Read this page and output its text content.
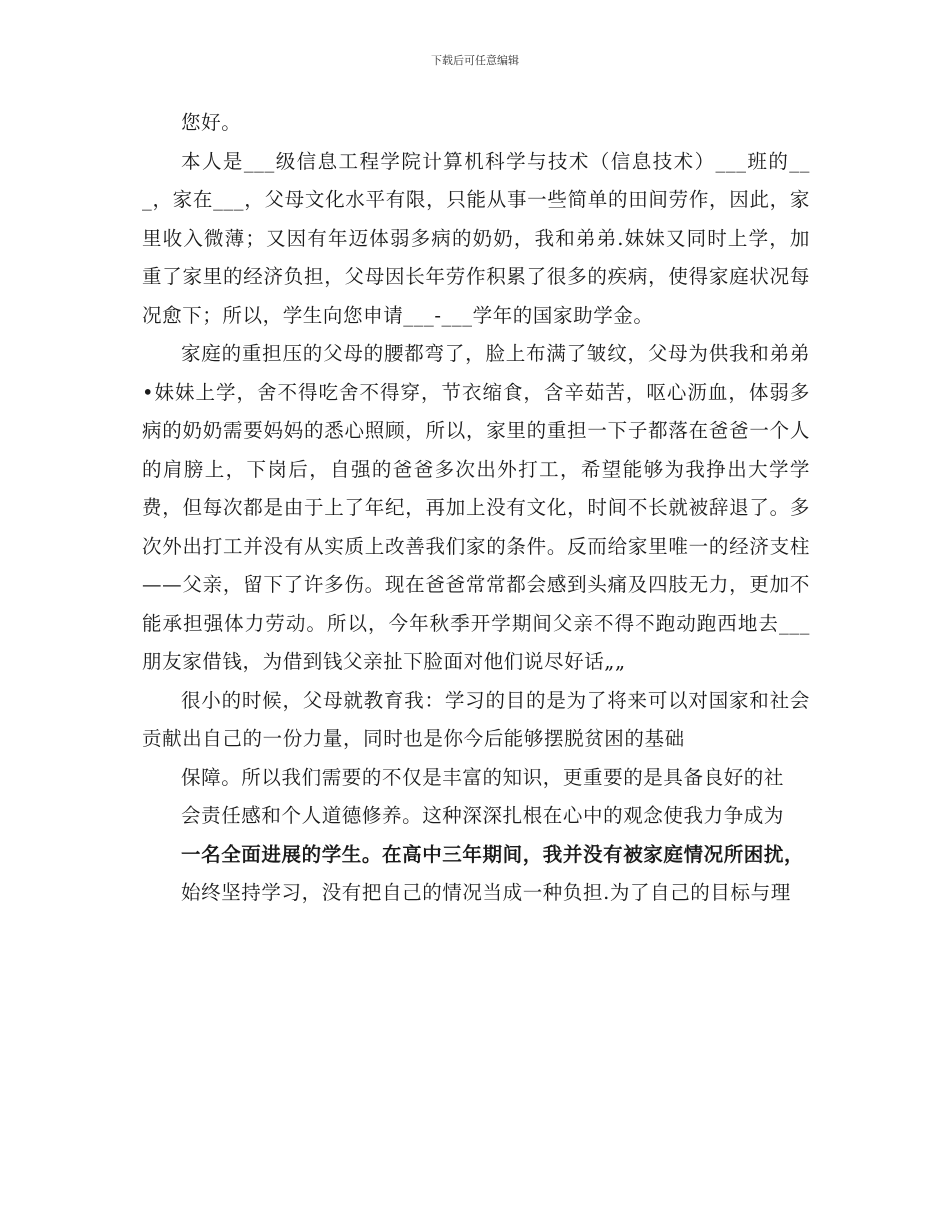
下载后可任意编辑

您好。

本人是___级信息工程学院计算机科学与技术（信息技术）___班的___，家在___，父母文化水平有限，只能从事一些简单的田间劳作，因此，家里收入微薄；又因有年迈体弱多病的奶奶，我和弟弟.妹妹又同时上学，加重了家里的经济负担，父母因长年劳作积累了很多的疾病，使得家庭状况每况愈下；所以，学生向您申请___-___学年的国家助学金。

家庭的重担压的父母的腰都弯了，脸上布满了皱纹，父母为供我和弟弟•妹妹上学，舍不得吃舍不得穿，节衣缩食，含辛茹苦，呕心沥血，体弱多病的奶奶需要妈妈的悉心照顾，所以，家里的重担一下子都落在爸爸一个人的肩膀上，下岗后，自强的爸爸多次出外打工，希望能够为我挣出大学学费，但每次都是由于上了年纪，再加上没有文化，时间不长就被辞退了。多次外出打工并没有从实质上改善我们家的条件。反而给家里唯一的经济支柱——父亲，留下了许多伤。现在爸爸常常都会感到头痛及四肢无力，更加不能承担强体力劳动。所以，今年秋季开学期间父亲不得不跑动跑西地去___朋友家借钱，为借到钱父亲扯下脸面对他们说尽好话„„

很小的时候，父母就教育我：学习的目的是为了将来可以对国家和社会贡献出自己的一份力量，同时也是你今后能够摆脱贫困的基础

保障。所以我们需要的不仅是丰富的知识，更重要的是具备良好的社

会责任感和个人道德修养。这种深深扎根在心中的观念使我力争成为

一名全面进展的学生。在高中三年期间，我并没有被家庭情况所困扰，

始终坚持学习，没有把自己的情况当成一种负担.为了自己的目标与理
